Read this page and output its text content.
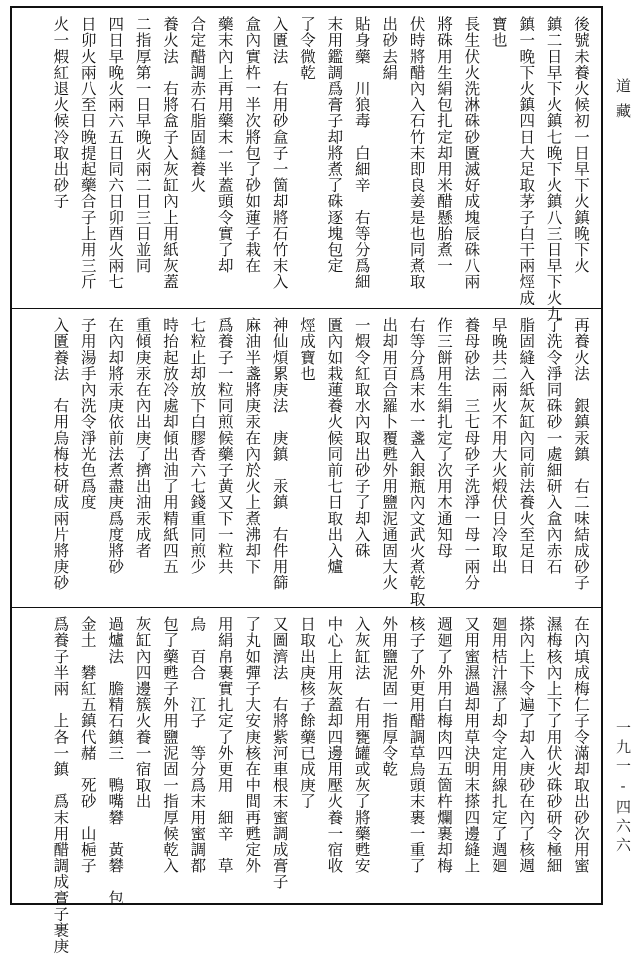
後號未養火候初一日早下火鎮晚下火
鎮二日早下火鎮七晚下火鎮八三日早下火九
鎮一晚下火鎮四日大足取茅子白干兩烴成
寶也
長生伏火洗淋硃砂匱滅好成塊辰硃八兩
將硃用生絹包扎定却用米醋懸胎煮一
伏時將醋內入石竹末即良姜是也同煮取
出砂去絹
貼身藥　川狼毒　白細辛　右等分爲細
末用鑑調爲膏子却將煮了硃逐塊包定
了令微乾
入匱法　右用砂盒子一箇却將石竹末入
盒內實杵一半次將包了砂如蓮子栽在
藥末內上再用藥末一半蓋頭令實了却
合定醋調赤石脂固縫養火
養火法　右將盒子入灰缸內上用紙灰蓋
二指厚第一日早晚火兩二日三日並同
四日早晚火兩六五日同六日卯酉火兩七
日卯火兩八至日晚提起藥合子上用三斤
火一煆紅退火候冷取出砂子
再養火法　銀鎮汞鎮　右二味結成砂子
了洗令淨同硃砂一處細研入盒內赤石
脂固縫入紙灰缸內同前法養火至足日
早晚共二兩火不用大火煅伏日冷取出
養母砂法　三七母砂子洗淨一母一兩分
作三餅用生絹扎定了次用木通知母
右等分爲末水一盞入銀瓶內文武火煮乾取
出却用百合羅卜覆甦外用鹽泥通固大火
一煆令紅取水內取出砂子了却入硃
匱內如栽蓮養火候同前七日取出入爐
烴成寶也
神仙煩累庚法　庚鎮　汞鎮　右件用篩
麻油半盞將庚汞在內於火上煮沸却下
爲養子一粒同煎候藥子黃又下一粒共
七粒止却放下白膠香六七錢重同煎少
時抬起放冷處却傾出油了用精紙四五
重傾庚汞在內出庚了擠出油汞成者
在內却將汞庚依前法煮盡庚爲度將砂
子用湯手內洗令淨光色爲度
入匱養法　右用烏梅枝研成兩片將庚砂
在內填成梅仁子令滿却取出砂次用蜜
濕梅核內上下了用伏火硃砂研令極細
搽內上下令遍了却入庚砂在內了核週
廻用桔汁濕了却令定用線扎定了週廻
又用蜜濕過却用草決明末搽四邊縫上
週廻了外用白梅肉四五箇杵爛裹却梅
核子了外更用醋調草烏頭末裹一重了
外用鹽泥固一指厚令乾
入灰缸法　右用甕罐或灰了將藥甦安
中心上用灰蓋却四邊用壓火養一宿收
日取出庚核子餘藥已成庚了
又圖濟法　右將紫河車根末蜜調成膏子
了丸如彈子大安庚核在中間再甦定外
用絹帛裹實扎定了外更用　細辛　草
烏　百合　江子　等分爲末用蜜調都
包了藥甦子外用鹽泥固一指厚候乾入
灰缸內四邊簇火養一宿取出
過爐法　膽精石鎮三　鴨嘴礬　黃礬　包
金土　礬紅五鎮代赭　死砂　山梔子
爲養子半兩　上各一鎮　爲末用醋調成膏子裹庚
道藏
一九一-四六六
